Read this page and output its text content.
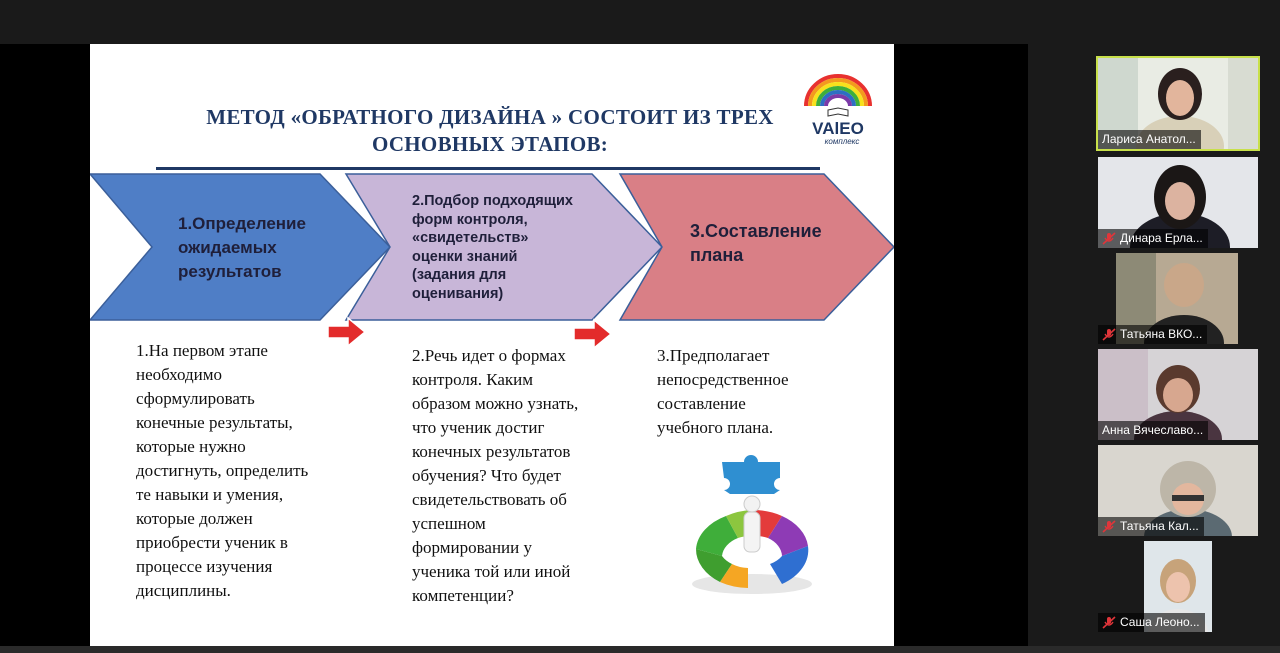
МЕТОД «ОБРАТНОГО ДИЗАЙНА » СОСТОИТ ИЗ ТРЕХ
ОСНОВНЫХ ЭТАПОВ:
VAlEO
комплекс
1.Определение
ожидаемых
результатов
2.Подбор подходящих
форм контроля,
«свидетельств»
оценки знаний
(задания для
оценивания)
3.Составление
плана
1.На первом этапе
необходимо
сформулировать
конечные результаты,
которые нужно
достигнуть, определить
те навыки и умения,
которые должен
приобрести ученик в
процессе изучения
дисциплины.
2.Речь идет о формах
контроля. Каким
образом можно узнать,
что ученик достиг
конечных результатов
обучения? Что будет
свидетельствовать об
успешном
формировании у
ученика той или иной
компетенции?
3.Предполагает
непосредственное
составление
учебного плана.
Лариса Анатол...
Динара Ерла...
Татьяна ВКО...
Анна Вячеславо...
Татьяна Кал...
Саша Леоно...
